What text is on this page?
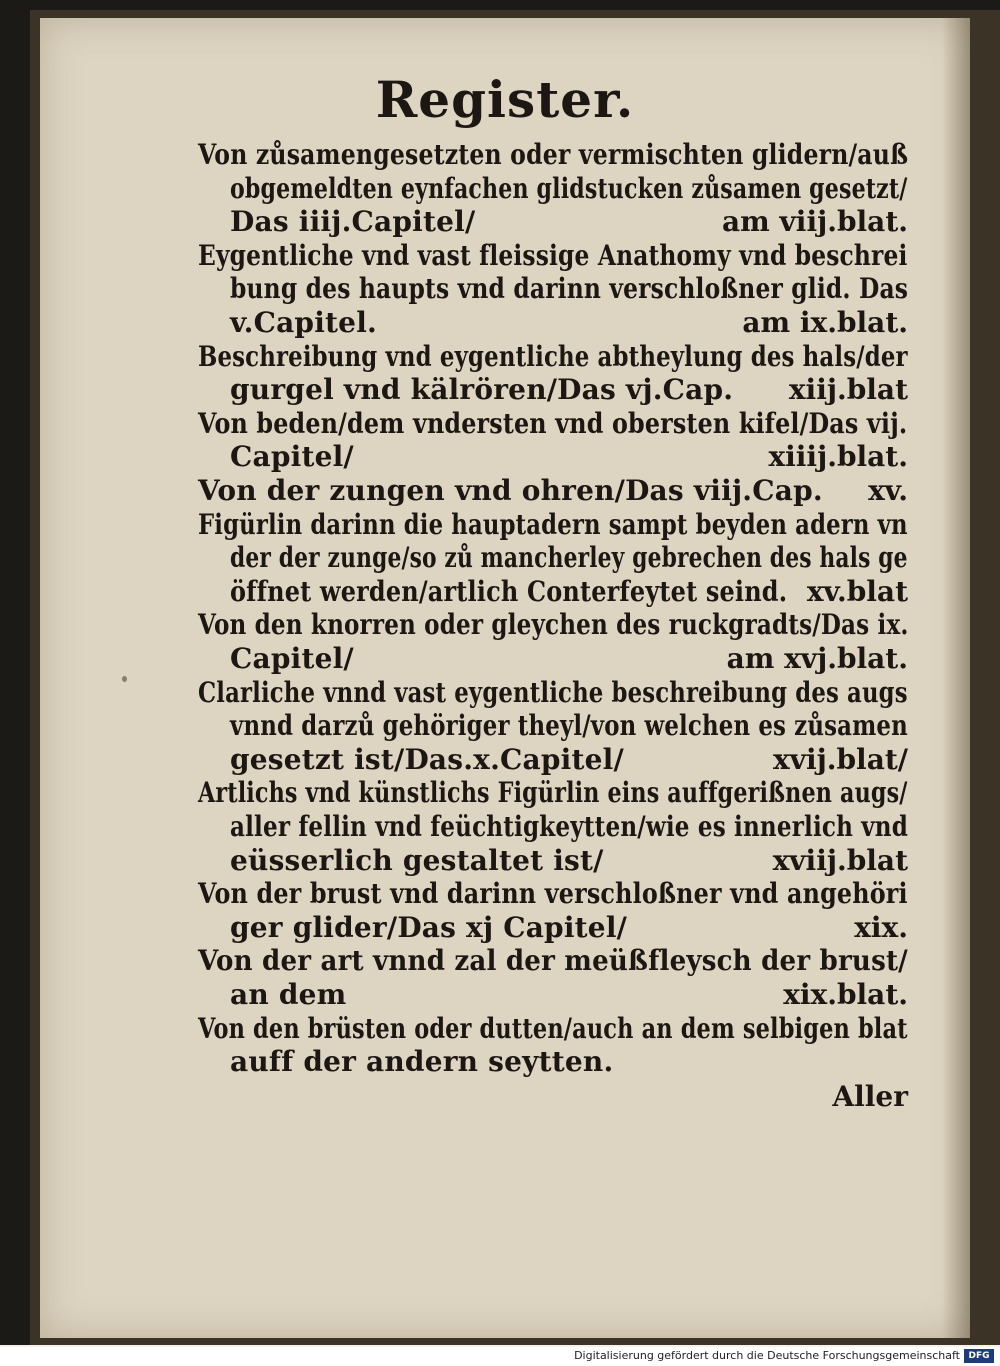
Register.
Von zůsamengesetzten oder vermischten glidern/auß
obgemeldten eynfachen glidstucken zůsamen gesetzt/
Das iiij.Capitel/	am viij.blat.
Eygentliche vnd vast fleissige Anathomy vnd beschrei
bung des haupts vnd darinn verschloßner glid. Das
v.Capitel.	am ix.blat.
Beschreibung vnd eygentliche abtheylung des hals/der
gurgel vnd kälrören/Das vj.Cap. xiij.blat
Von beden/dem vndersten vnd obersten kifel/Das vij.
Capitel/	xiiij.blat.
Von der zungen vnd ohren/Das viij.Cap. xv.
Figürlin darinn die hauptadern sampt beyden adern vn
der der zunge/so zů mancherley gebrechen des hals ge
öffnet werden/artlich Conterfeytet seind. xv.blat
Von den knorren oder gleychen des ruckgradts/Das ix.
Capitel/	am xvj.blat.
Clarliche vnnd vast eygentliche beschreibung des augs
vnnd darzů gehöriger theyl/von welchen es zůsamen
gesetzt ist/Das.x.Capitel/	xvij.blat/
Artlichs vnd künstlichs Figürlin eins auffgerißnen augs/
aller fellin vnd feüchtigkeytten/wie es innerlich vnd
eüsserlich gestaltet ist/	xviij.blat
Von der brust vnd darinn verschloßner vnd angehöri
ger glider/Das xj Capitel/	xix.
Von der art vnnd zal der meüßfleysch der brust/
an dem	xix.blat.
Von den brüsten oder dutten/auch an dem selbigen blat
auff der andern seytten.
Aller
Digitalisierung gefördert durch die Deutsche Forschungsgemeinschaft DFG
